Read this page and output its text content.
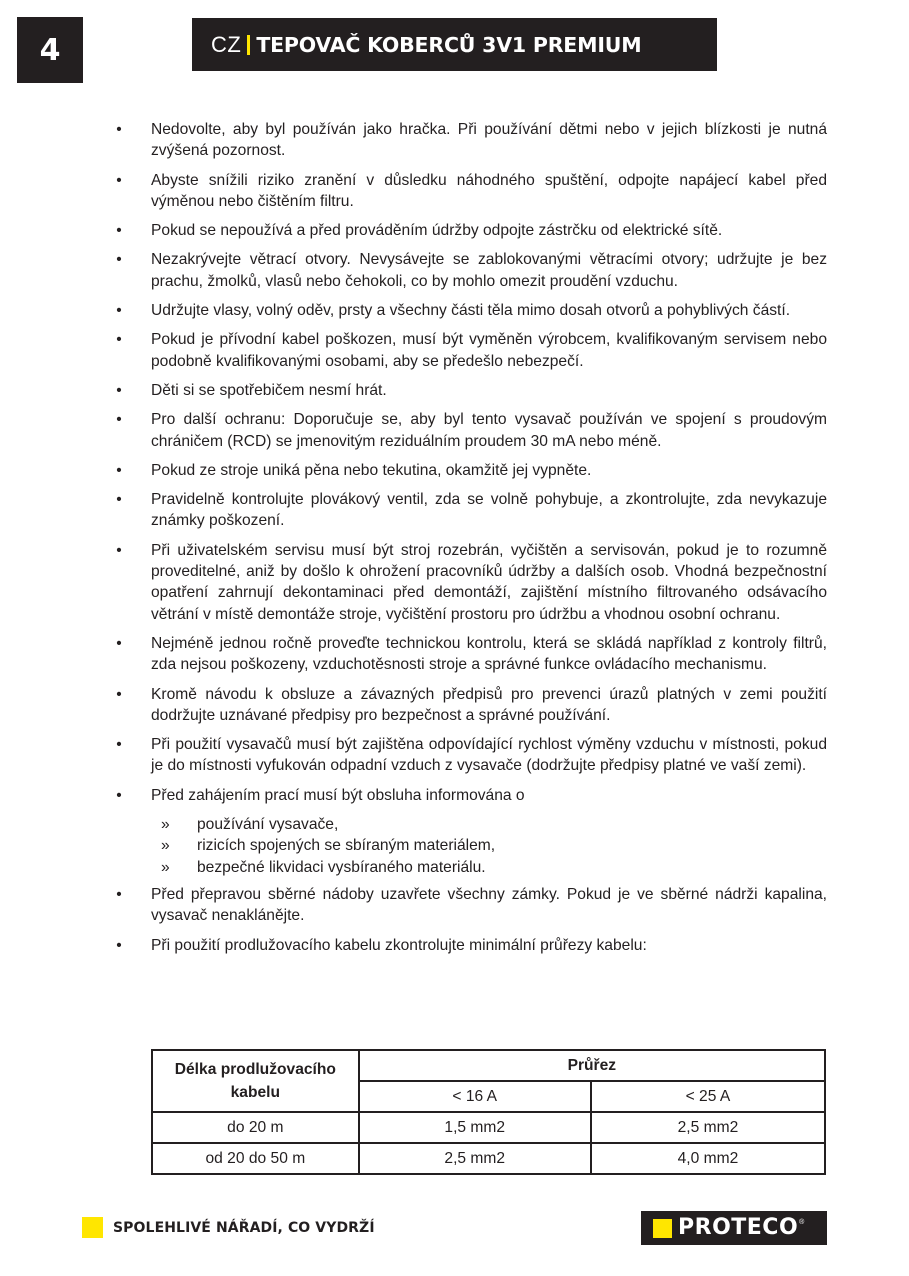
4	CZ TEPOVAČ KOBERCŮ 3V1 PREMIUM
• Nedovolte, aby byl používán jako hračka. Při používání dětmi nebo v jejich blízkosti je nutná zvýšená pozornost.
• Abyste snížili riziko zranění v důsledku náhodného spuštění, odpojte napájecí kabel před výměnou nebo čištěním filtru.
• Pokud se nepoužívá a před prováděním údržby odpojte zástrčku od elektrické sítě.
• Nezakrývejte větrací otvory. Nevysávejte se zablokovanými větracími otvory; udržujte je bez prachu, žmolků, vlasů nebo čehokoli, co by mohlo omezit proudění vzduchu.
• Udržujte vlasy, volný oděv, prsty a všechny části těla mimo dosah otvorů a pohyblivých částí.
• Pokud je přívodní kabel poškozen, musí být vyměněn výrobcem, kvalifikovaným servisem nebo podobně kvalifikovanými osobami, aby se předešlo nebezpečí.
• Děti si se spotřebičem nesmí hrát.
• Pro další ochranu: Doporučuje se, aby byl tento vysavač používán ve spojení s proudovým chráničem (RCD) se jmenovitým reziduálním proudem 30 mA nebo méně.
• Pokud ze stroje uniká pěna nebo tekutina, okamžitě jej vypněte.
• Pravidelně kontrolujte plovákový ventil, zda se volně pohybuje, a zkontrolujte, zda nevykazuje známky poškození.
• Při uživatelském servisu musí být stroj rozebrán, vyčištěn a servisován, pokud je to rozumně proveditelné, aniž by došlo k ohrožení pracovníků údržby a dalších osob. Vhodná bezpečnostní opatření zahrnují dekontaminaci před demontáží, zajištění místního filtrovaného odsávacího větrání v místě demontáže stroje, vyčištění prostoru pro údržbu a vhodnou osobní ochranu.
• Nejméně jednou ročně proveďte technickou kontrolu, která se skládá například z kontroly filtrů, zda nejsou poškozeny, vzduchotěsnosti stroje a správné funkce ovládacího mechanismu.
• Kromě návodu k obsluze a závazných předpisů pro prevenci úrazů platných v zemi použití dodržujte uznávané předpisy pro bezpečnost a správné používání.
• Při použití vysavačů musí být zajištěna odpovídající rychlost výměny vzduchu v místnosti, pokud je do místnosti vyfukován odpadní vzduch z vysavače (dodržujte předpisy platné ve vaší zemi).
• Před zahájením prací musí být obsluha informována o
» používání vysavače,
» rizicích spojených se sbíraným materiálem,
» bezpečné likvidaci vysbíraného materiálu.
• Před přepravou sběrné nádoby uzavřete všechny zámky. Pokud je ve sběrné nádrži kapalina, vysavač nenaklánějte.
• Při použití prodlužovacího kabelu zkontrolujte minimální průřezy kabelu:
Délka prodlužovacího kabelu	Průřez	
	< 16 A	< 25 A
do 20 m	1,5 mm2	2,5 mm2
od 20 do 50 m	2,5 mm2	4,0 mm2
SPOLEHLIVÉ NÁŘADÍ, CO VYDRŽÍ	PROTECO ®
